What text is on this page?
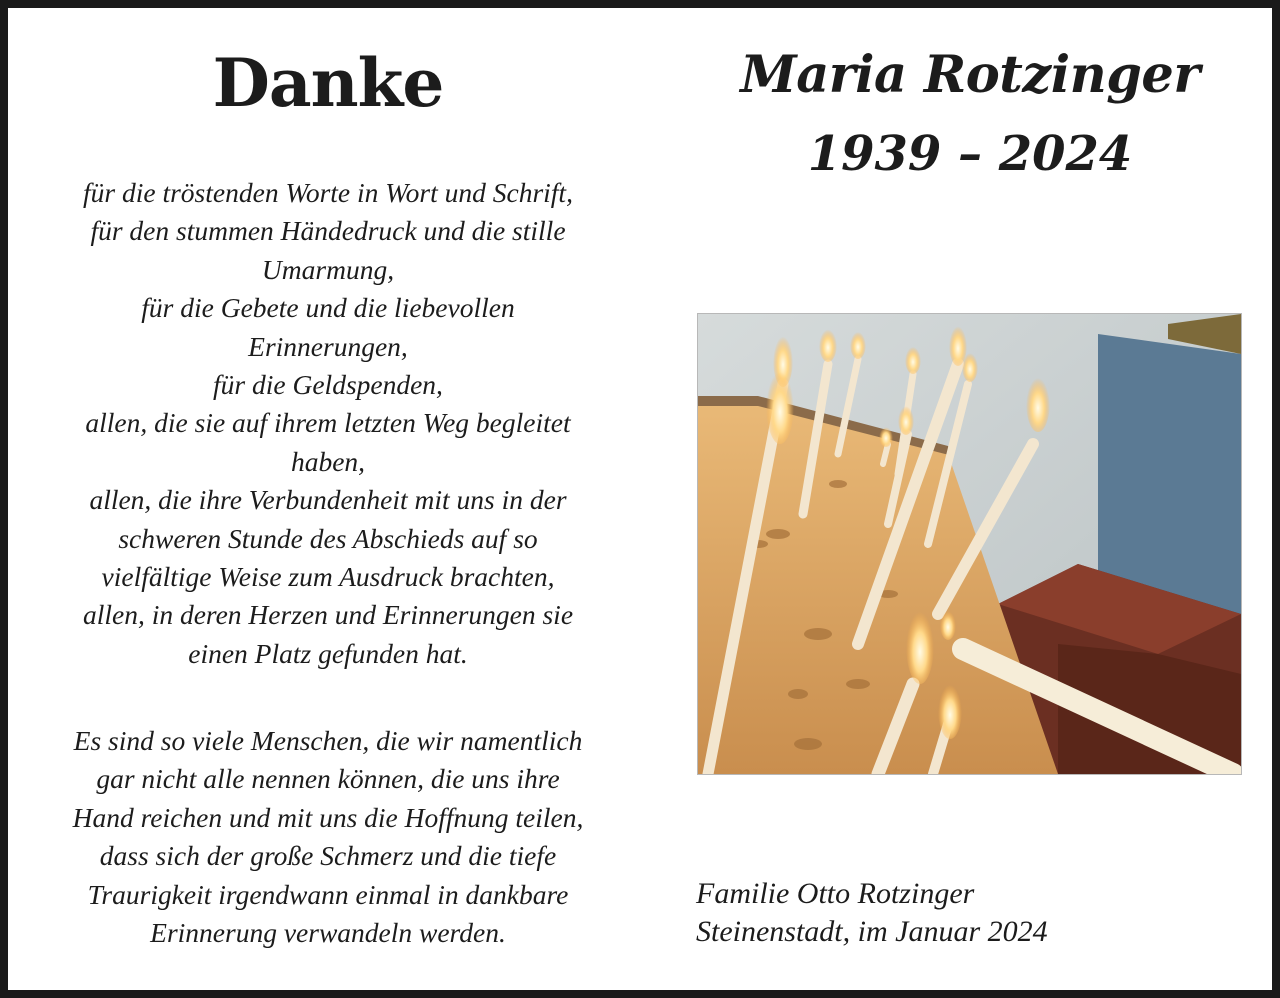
Danke
für die tröstenden Worte in Wort und Schrift,
für den stummen Händedruck und die stille
Umarmung,
für die Gebete und die liebevollen
Erinnerungen,
für die Geldspenden,
allen, die sie auf ihrem letzten Weg begleitet
haben,
allen, die ihre Verbundenheit mit uns in der
schweren Stunde des Abschieds auf so
vielfältige Weise zum Ausdruck brachten,
allen, in deren Herzen und Erinnerungen sie
einen Platz gefunden hat.
Es sind so viele Menschen, die wir namentlich
gar nicht alle nennen können, die uns ihre
Hand reichen und mit uns die Hoffnung teilen,
dass sich der große Schmerz und die tiefe
Traurigkeit irgendwann einmal in dankbare
Erinnerung verwandeln werden.
Maria Rotzinger
1939 – 2024
Familie Otto Rotzinger
Steinenstadt, im Januar 2024
